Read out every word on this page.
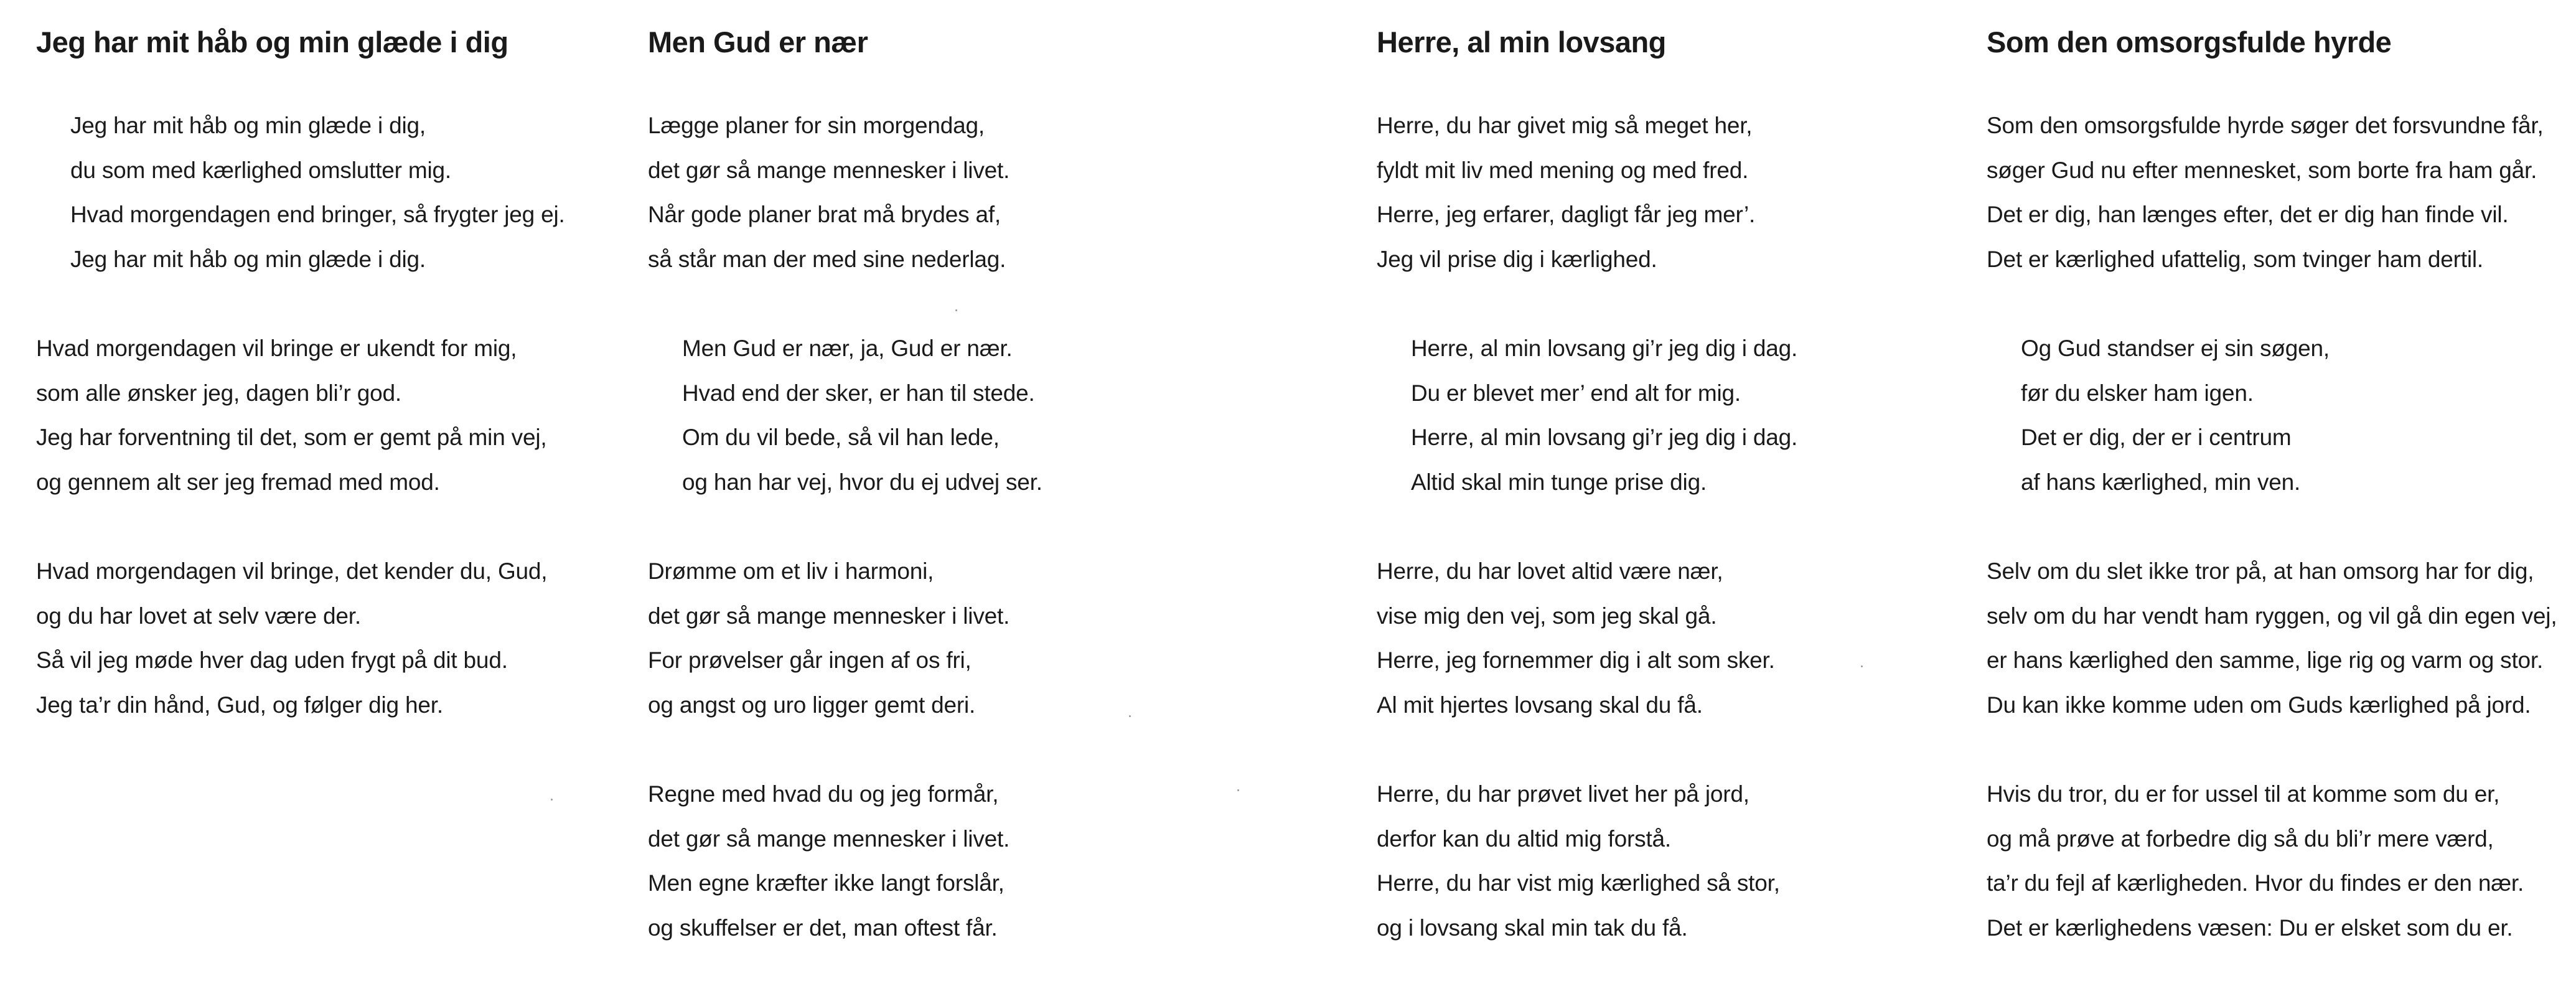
Jeg har mit håb og min glæde i dig
Jeg har mit håb og min glæde i dig,
du som med kærlighed omslutter mig.
Hvad morgendagen end bringer, så frygter jeg ej.
Jeg har mit håb og min glæde i dig.
Hvad morgendagen vil bringe er ukendt for mig,
som alle ønsker jeg, dagen bli’r god.
Jeg har forventning til det, som er gemt på min vej,
og gennem alt ser jeg fremad med mod.
Hvad morgendagen vil bringe, det kender du, Gud,
og du har lovet at selv være der.
Så vil jeg møde hver dag uden frygt på dit bud.
Jeg ta’r din hånd, Gud, og følger dig her.
Men Gud er nær
Lægge planer for sin morgendag,
det gør så mange mennesker i livet.
Når gode planer brat må brydes af,
så står man der med sine nederlag.
Men Gud er nær, ja, Gud er nær.
Hvad end der sker, er han til stede.
Om du vil bede, så vil han lede,
og han har vej, hvor du ej udvej ser.
Drømme om et liv i harmoni,
det gør så mange mennesker i livet.
For prøvelser går ingen af os fri,
og angst og uro ligger gemt deri.
Regne med hvad du og jeg formår,
det gør så mange mennesker i livet.
Men egne kræfter ikke langt forslår,
og skuffelser er det, man oftest får.
Herre, al min lovsang
Herre, du har givet mig så meget her,
fyldt mit liv med mening og med fred.
Herre, jeg erfarer, dagligt får jeg mer’.
Jeg vil prise dig i kærlighed.
Herre, al min lovsang gi’r jeg dig i dag.
Du er blevet mer’ end alt for mig.
Herre, al min lovsang gi’r jeg dig i dag.
Altid skal min tunge prise dig.
Herre, du har lovet altid være nær,
vise mig den vej, som jeg skal gå.
Herre, jeg fornemmer dig i alt som sker.
Al mit hjertes lovsang skal du få.
Herre, du har prøvet livet her på jord,
derfor kan du altid mig forstå.
Herre, du har vist mig kærlighed så stor,
og i lovsang skal min tak du få.
Som den omsorgsfulde hyrde
Som den omsorgsfulde hyrde søger det forsvundne får,
søger Gud nu efter mennesket, som borte fra ham går.
Det er dig, han længes efter, det er dig han finde vil.
Det er kærlighed ufattelig, som tvinger ham dertil.
Og Gud standser ej sin søgen,
før du elsker ham igen.
Det er dig, der er i centrum
af hans kærlighed, min ven.
Selv om du slet ikke tror på, at han omsorg har for dig,
selv om du har vendt ham ryggen, og vil gå din egen vej,
er hans kærlighed den samme, lige rig og varm og stor.
Du kan ikke komme uden om Guds kærlighed på jord.
Hvis du tror, du er for ussel til at komme som du er,
og må prøve at forbedre dig så du bli’r mere værd,
ta’r du fejl af kærligheden. Hvor du findes er den nær.
Det er kærlighedens væsen: Du er elsket som du er.
